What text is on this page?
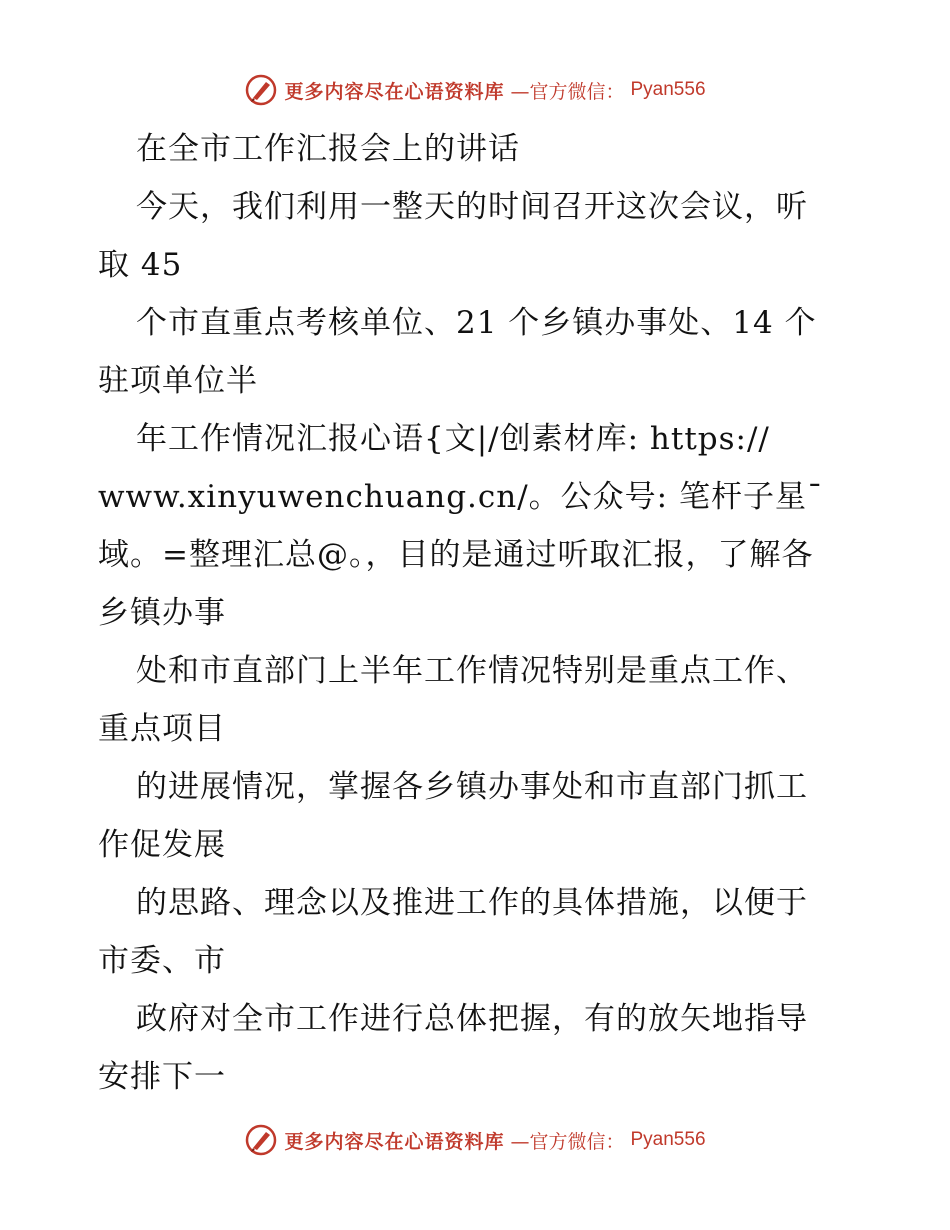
更多内容尽在心语资料库 —官方微信： Pyan556
在全市工作汇报会上的讲话
今天，我们利用一整天的时间召开这次会议，听
取 45
个市直重点考核单位、21 个乡镇办事处、14 个
驻项单位半
年工作情况汇报心语{文|/创素材库: https://
www.xinyuwenchuang.cn/。公众号: 笔杆子星¯
域。=整理汇总@。，目的是通过听取汇报，了解各
乡镇办事
处和市直部门上半年工作情况特别是重点工作、
重点项目
的进展情况，掌握各乡镇办事处和市直部门抓工
作促发展
的思路、理念以及推进工作的具体措施，以便于
市委、市
政府对全市工作进行总体把握，有的放矢地指导
安排下一
更多内容尽在心语资料库 —官方微信： Pyan556
